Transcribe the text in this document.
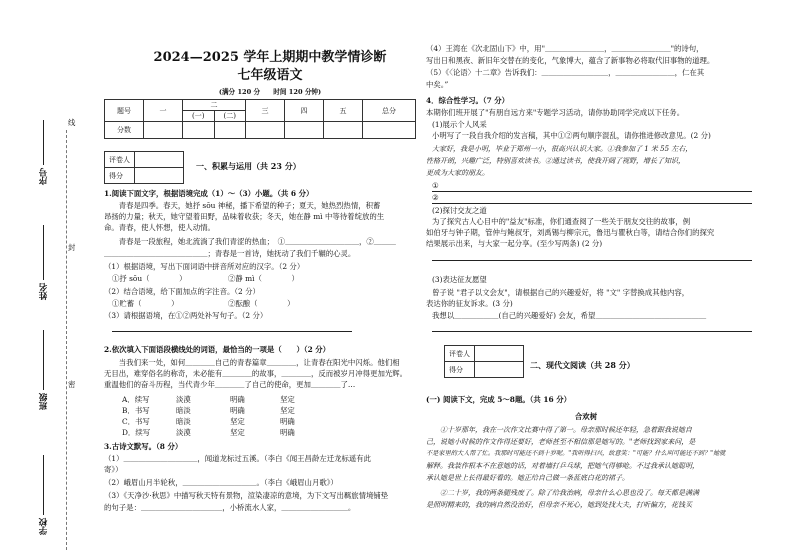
学校
班级
姓名
序号
线
封
密
2024—2025 学年上期期中教学情诊断
七年级语文
(满分 120 分　　时间 120 分钟)
题号	一	二		三	四	五	总分
		(一)	(二)				
分数							
评卷人	
得分	
一、积累与运用（共 23 分）
1.阅读下面文字，根据语境完成（1）～（3）小题。（共 6 分）
　　青春是四季。春天，她抒 sōu 神秘，播下希望的种子；夏天，她热烈热情，积蓄
昂扬的力量；秋天，她守望着田野，品味着收获；冬天，她在静 mì 中等待着绽放的生
命。青春，使人怀想，使人动情。
　　青春是一段旅程，她北流淌了我们青涩的热血；　①＿＿＿＿＿＿＿＿＿＿，②＿＿＿
＿＿＿＿＿＿＿＿＿＿＿＿＿＿；青春是一首诗，她抚动了我们千辗的心灵。
（1）根据语境，写出下面词语中拼音所对应的汉字。（2 分）
①抒 sōu（　　　　）	②静 mì（　　　　）
（2）结合语境，给下面加点的字注音。（2 分）
①贮蓄（　　　　）	②酝酿（　　　　）
（3）请根据语境，在①②两处补写句子。（2 分）
2.依次填入下面语段横线处的词语，最恰当的一项是（　　）（2 分）
　　当我们来一处，如何＿＿＿＿自己的青春篇章＿＿＿＿，让青春在阳光中闪烁。他们相
无目出，难穿俗名的称奇，未必能有＿＿＿＿的故事，＿＿＿＿，反而被岁月冲得更加光辉。
重温他们的奋斗历程，当代青少年＿＿＿＿了自己的使命，更加＿＿＿＿了…
A．续写	淡漠	明确	坚定
B．书写	暗淡	明确	坚定
C．书写	暗淡	坚定	明确
D．续写	淡漠	坚定	明确
3.古诗文默写。（8 分）
（1）＿＿＿＿＿＿＿＿＿＿，闻道龙标过五溪。（李白《闻王昌龄左迁龙标遥有此
寄》）
（2）峨眉山月半轮秋，＿＿＿＿＿＿＿＿＿＿。（李白《峨眉山月歌》）
（3）《天净沙·秋思》中描写秋天特有景物，渲染凄凉的意境，为下文写出羁旅情境铺垫
的句子是：＿＿＿＿＿＿＿＿＿＿＿，小桥流水人家，＿＿＿＿＿＿＿＿＿。
（4）王湾在《次北固山下》中，用"＿＿＿＿＿＿＿＿，＿＿＿＿＿＿＿＿"的诗句，
写出日和黑夜、新旧年交替在的变化，气象博大，蕴含了新事物必将取代旧事物的道理。
（5）《〈论语〉十二章》告诉我们：＿＿＿＿＿＿＿＿＿，＿＿＿＿＿＿＿＿，仁在其
中矣。”
4．综合性学习。（7 分）
本期你们班开展了"有朋自远方来"专题学习活动，请你协助同学完成以下任务。
(1)展示个人风采
小明写了一段自我介绍的发言稿，其中①②两句顺序混乱，请你推进修改意见。(2 分)
大家好，我是小明，毕业于郑州一小，很高兴认识大家。①我参加了 1 米 55 左右，
性格开朗，兴趣广泛，特别喜欢读书。②通过读书，使我开阔了视野，增长了知识，
更成为大家的朋友。
①
②
(2)探讨交友之道
为了探究古人心目中的"益友"标准，你们通查阅了一些关于朋友交往的故事，例
如伯牙与钟子期，管仲与鲍叔牙，刘禹锡与柳宗元，鲁迅与瞿秋白等，请结合你们的探究
结果展示出来，与大家一起分享。(至少写两条) (2 分)
(3)表达征友愿望
曾子说 "君子以文会友"，请根据自己的兴趣爱好，将 "文" 字替换成其他内容，
表达你的征友诉求。(3 分)
我想以＿＿＿＿＿＿(自己的兴趣爱好) 会友，希望＿＿＿＿＿＿＿＿＿＿＿＿＿＿＿
评卷人	
得分		二、现代文阅读（共 28 分）
(一) 阅读下文，完成 5～8题。（共 16 分）
合欢树
　　①十岁那年，我在一次作文比赛中得了第一。母亲那时候还年轻，急着跟我说她自
己，说她小时候的作文作得还要好，老师甚至不相信那是她写的。"老师找到家来问，是
不是家里的大人帮了忙。我那时可能还不到十岁呢。"我听得扫兴，故意笑："可能？什么叫可能还不到？"她就
解释。我装作根本不在意她的话，对着墙打乒乓球，把她气得够呛。不过我承认她聪明，
承认她是世上长得最好看的。她正给自己做一条蓝底白花的裙子。
　　②二十岁，我的两条腿残废了。除了给我治病，母亲什么心思也没了。每天都是满满
是照明精来的，我的病自然没治好，但母亲不死心，她到处找大夫，打听偏方，花钱买
